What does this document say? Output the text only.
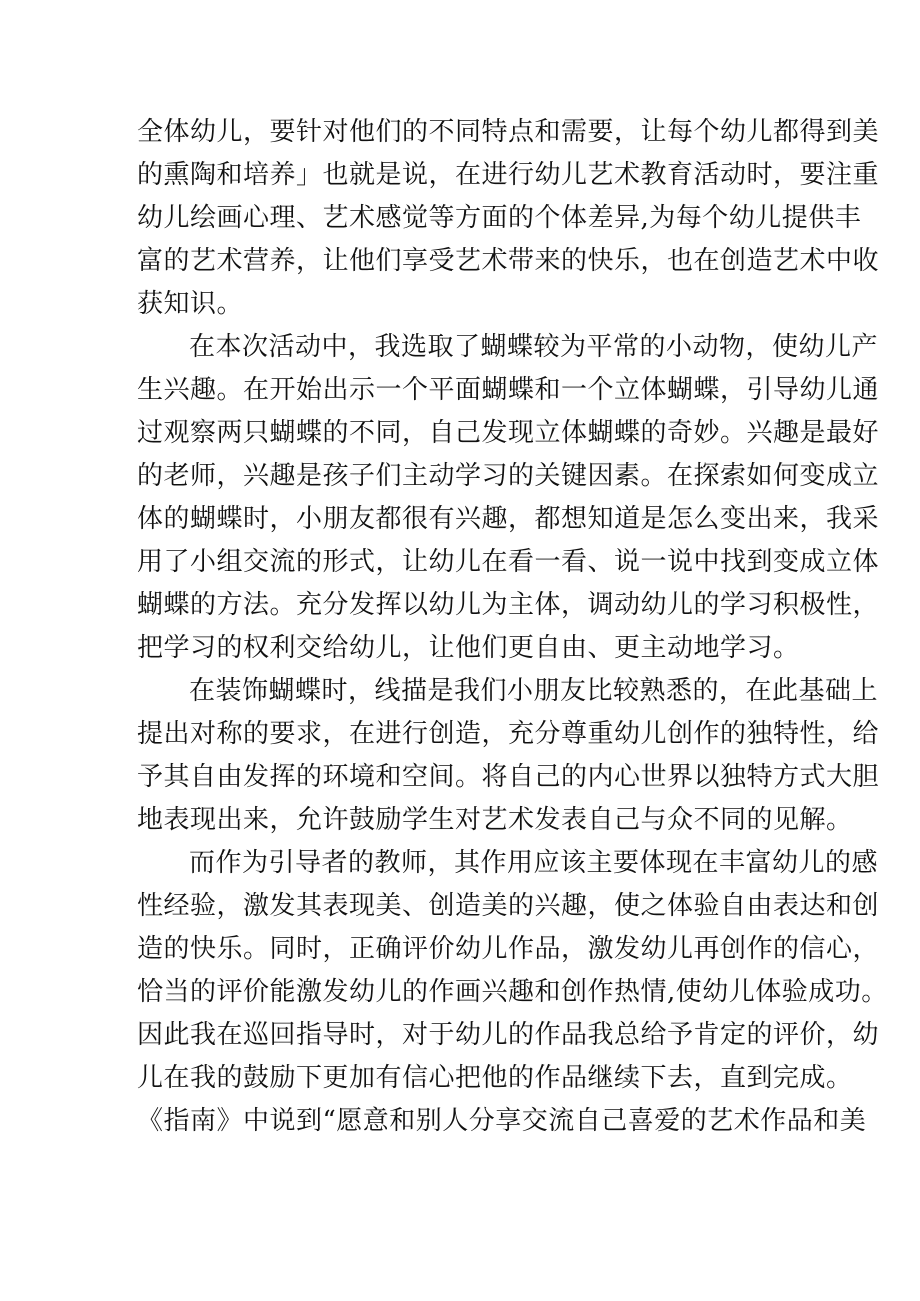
全体幼儿，要针对他们的不同特点和需要，让每个幼儿都得到美
的熏陶和培养」也就是说，在进行幼儿艺术教育活动时，要注重
幼儿绘画心理、艺术感觉等方面的个体差异,为每个幼儿提供丰
富的艺术营养，让他们享受艺术带来的快乐，也在创造艺术中收
获知识。
在本次活动中，我选取了蝴蝶较为平常的小动物，使幼儿产
生兴趣。在开始出示一个平面蝴蝶和一个立体蝴蝶，引导幼儿通
过观察两只蝴蝶的不同，自己发现立体蝴蝶的奇妙。兴趣是最好
的老师，兴趣是孩子们主动学习的关键因素。在探索如何变成立
体的蝴蝶时，小朋友都很有兴趣，都想知道是怎么变出来，我采
用了小组交流的形式，让幼儿在看一看、说一说中找到变成立体
蝴蝶的方法。充分发挥以幼儿为主体，调动幼儿的学习积极性，
把学习的权利交给幼儿，让他们更自由、更主动地学习。
在装饰蝴蝶时，线描是我们小朋友比较熟悉的，在此基础上
提出对称的要求，在进行创造，充分尊重幼儿创作的独特性，给
予其自由发挥的环境和空间。将自己的内心世界以独特方式大胆
地表现出来，允许鼓励学生对艺术发表自己与众不同的见解。
而作为引导者的教师，其作用应该主要体现在丰富幼儿的感
性经验，激发其表现美、创造美的兴趣，使之体验自由表达和创
造的快乐。同时，正确评价幼儿作品，激发幼儿再创作的信心，
恰当的评价能激发幼儿的作画兴趣和创作热情,使幼儿体验成功。
因此我在巡回指导时，对于幼儿的作品我总给予肯定的评价，幼
儿在我的鼓励下更加有信心把他的作品继续下去，直到完成。
《指南》中说到“愿意和别人分享交流自己喜爱的艺术作品和美
